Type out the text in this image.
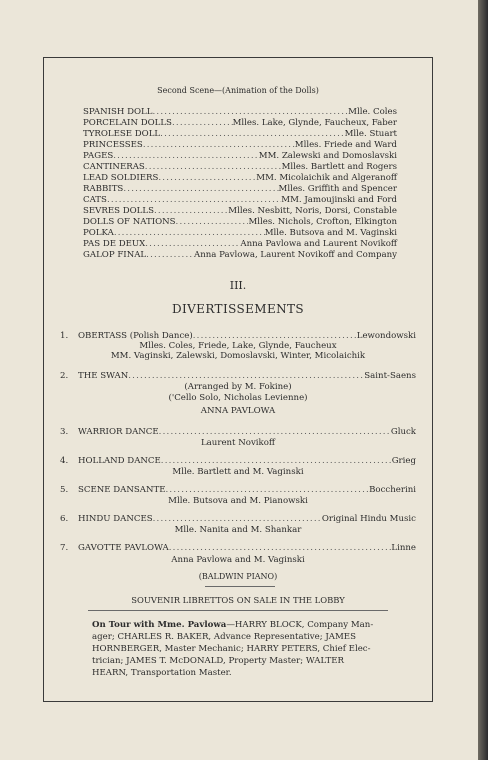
Second Scene—(Animation of the Dolls)
SPANISH DOLL .....	Mlle. Coles
PORCELAIN DOLLS .....	Mlles. Lake, Glynde, Faucheux, Faber
TYROLESE DOLL .....	Mlle. Stuart
PRINCESSES .....	Mlles. Friede and Ward
PAGES .....	MM. Zalewski and Domoslavski
CANTINERAS .....	Mlles. Bartlett and Rogers
LEAD SOLDIERS .....	MM. Micolaichik and Algeranoff
RABBITS .....	Mlles. Griffith and Spencer
CATS .....	MM. Jamoujinski and Ford
SEVRES DOLLS .....	Mlles. Nesbitt, Noris, Dorsi, Constable
DOLLS OF NATIONS .....	Mlles. Nichols, Crofton, Elkington
POLKA .....	Mlle. Butsova and M. Vaginski
PAS DE DEUX .....	Anna Pavlowa and Laurent Novikoff
GALOP FINAL .....	Anna Pavlowa, Laurent Novikoff and Company
III.
DIVERTISSEMENTS
1. OBERTASS (Polish Dance) .....	Lewondowski
Mlles. Coles, Friede, Lake, Glynde, Faucheux
MM. Vaginski, Zalewski, Domoslavski, Winter, Micolaichik
2. THE SWAN .....	Saint-Saens
(Arranged by M. Fokine)
('Cello Solo, Nicholas Levienne)
ANNA PAVLOWA
3. WARRIOR DANCE .....	Gluck
Laurent Novikoff
4. HOLLAND DANCE .....	Grieg
Mlle. Bartlett and M. Vaginski
5. SCENE DANSANTE .....	Boccherini
Mlle. Butsova and M. Pianowski
6. HINDU DANCES .....	Original Hindu Music
Mlle. Nanita and M. Shankar
7. GAVOTTE PAVLOWA .....	Linne
Anna Pavlowa and M. Vaginski
(BALDWIN PIANO)
SOUVENIR LIBRETTOS ON SALE IN THE LOBBY
On Tour with Mme. Pavlowa—HARRY BLOCK, Company Man-
ager; CHARLES R. BAKER, Advance Representative; JAMES
HORNBERGER, Master Mechanic; HARRY PETERS, Chief Elec-
trician; JAMES T. McDONALD, Property Master; WALTER
HEARN, Transportation Master.
